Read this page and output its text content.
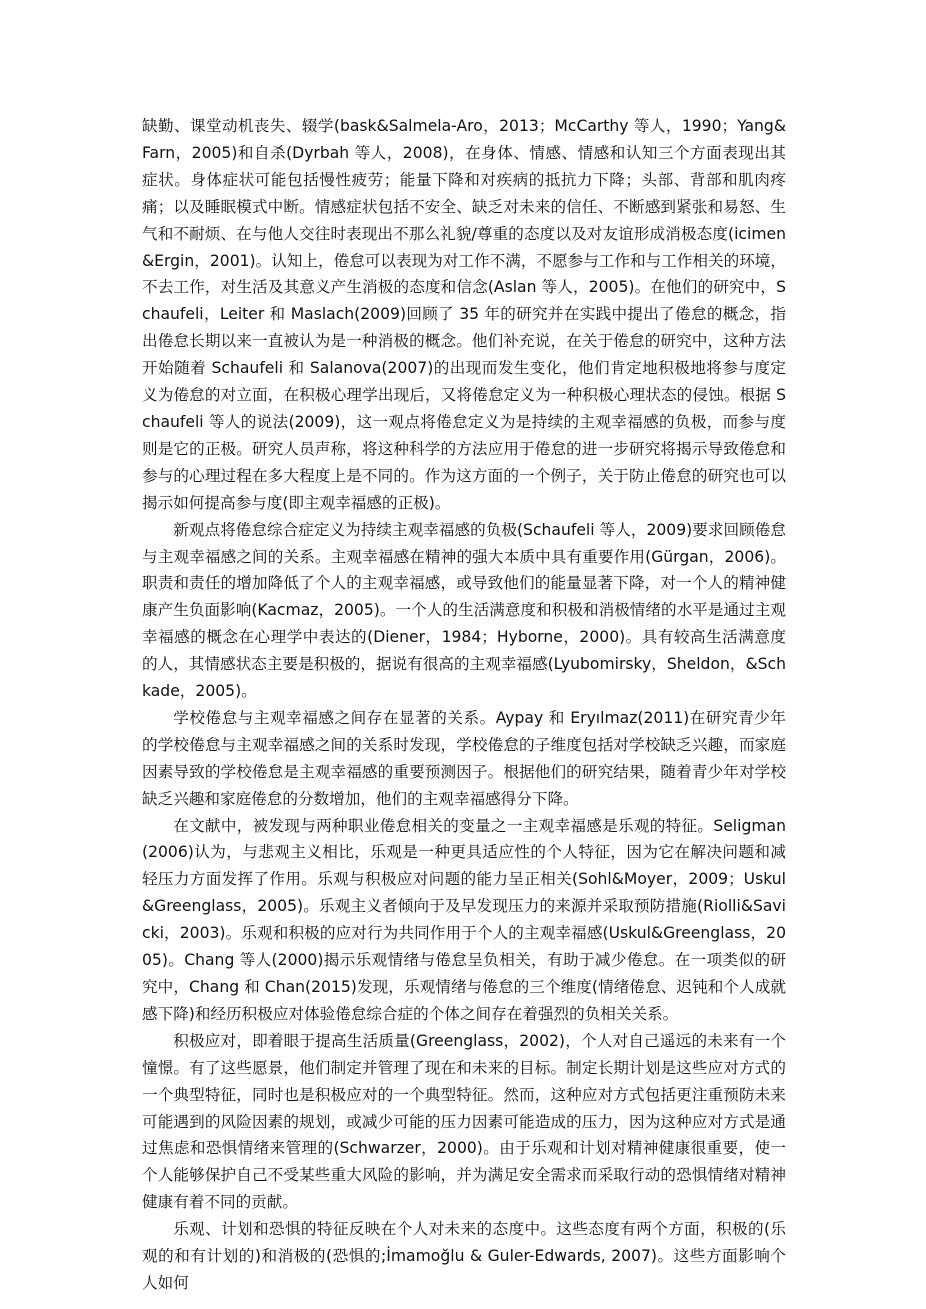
缺勤、课堂动机丧失、辍学(bask&Salmela-Aro，2013；McCarthy 等人，1990；Yang&Farn，2005)和自杀(Dyrbah 等人，2008)，在身体、情感、情感和认知三个方面表现出其症状。身体症状可能包括慢性疲劳；能量下降和对疾病的抵抗力下降；头部、背部和肌肉疼痛；以及睡眠模式中断。情感症状包括不安全、缺乏对未来的信任、不断感到紧张和易怒、生气和不耐烦、在与他人交往时表现出不那么礼貌/尊重的态度以及对友谊形成消极态度(icimen&Ergin，2001)。认知上，倦怠可以表现为对工作不满，不愿参与工作和与工作相关的环境，不去工作，对生活及其意义产生消极的态度和信念(Aslan 等人，2005)。在他们的研究中，Schaufeli，Leiter 和 Maslach(2009)回顾了 35 年的研究并在实践中提出了倦怠的概念，指出倦怠长期以来一直被认为是一种消极的概念。他们补充说，在关于倦怠的研究中，这种方法开始随着 Schaufeli 和 Salanova(2007)的出现而发生变化，他们肯定地积极地将参与度定义为倦怠的对立面，在积极心理学出现后，又将倦怠定义为一种积极心理状态的侵蚀。根据 Schaufeli 等人的说法(2009)，这一观点将倦怠定义为是持续的主观幸福感的负极，而参与度则是它的正极。研究人员声称，将这种科学的方法应用于倦怠的进一步研究将揭示导致倦怠和参与的心理过程在多大程度上是不同的。作为这方面的一个例子，关于防止倦怠的研究也可以揭示如何提高参与度(即主观幸福感的正极)。

新观点将倦怠综合症定义为持续主观幸福感的负极(Schaufeli 等人，2009)要求回顾倦怠与主观幸福感之间的关系。主观幸福感在精神的强大本质中具有重要作用(Gürgan，2006)。职责和责任的增加降低了个人的主观幸福感，或导致他们的能量显著下降，对一个人的精神健康产生负面影响(Kacmaz，2005)。一个人的生活满意度和积极和消极情绪的水平是通过主观幸福感的概念在心理学中表达的(Diener，1984；Hyborne，2000)。具有较高生活满意度的人，其情感状态主要是积极的，据说有很高的主观幸福感(Lyubomirsky，Sheldon，&Schkade，2005)。

学校倦怠与主观幸福感之间存在显著的关系。Aypay 和 Eryılmaz(2011)在研究青少年的学校倦怠与主观幸福感之间的关系时发现，学校倦怠的子维度包括对学校缺乏兴趣，而家庭因素导致的学校倦怠是主观幸福感的重要预测因子。根据他们的研究结果，随着青少年对学校缺乏兴趣和家庭倦怠的分数增加，他们的主观幸福感得分下降。

在文献中，被发现与两种职业倦怠相关的变量之一主观幸福感是乐观的特征。Seligman(2006)认为，与悲观主义相比，乐观是一种更具适应性的个人特征，因为它在解决问题和减轻压力方面发挥了作用。乐观与积极应对问题的能力呈正相关(Sohl&Moyer，2009；Uskul&Greenglass，2005)。乐观主义者倾向于及早发现压力的来源并采取预防措施(Riolli&Savicki，2003)。乐观和积极的应对行为共同作用于个人的主观幸福感(Uskul&Greenglass，2005)。Chang 等人(2000)揭示乐观情绪与倦怠呈负相关，有助于减少倦怠。在一项类似的研究中，Chang 和 Chan(2015)发现，乐观情绪与倦怠的三个维度(情绪倦怠、迟钝和个人成就感下降)和经历积极应对体验倦怠综合症的个体之间存在着强烈的负相关关系。

积极应对，即着眼于提高生活质量(Greenglass，2002)，个人对自己遥远的未来有一个憧憬。有了这些愿景，他们制定并管理了现在和未来的目标。制定长期计划是这些应对方式的一个典型特征，同时也是积极应对的一个典型特征。然而，这种应对方式包括更注重预防未来可能遇到的风险因素的规划，或减少可能的压力因素可能造成的压力，因为这种应对方式是通过焦虑和恐惧情绪来管理的(Schwarzer，2000)。由于乐观和计划对精神健康很重要，使一个人能够保护自己不受某些重大风险的影响，并为满足安全需求而采取行动的恐惧情绪对精神健康有着不同的贡献。

乐观、计划和恐惧的特征反映在个人对未来的态度中。这些态度有两个方面，积极的(乐观的和有计划的)和消极的(恐惧的;İmamoğlu & Guler-Edwards, 2007)。这些方面影响个人如何
